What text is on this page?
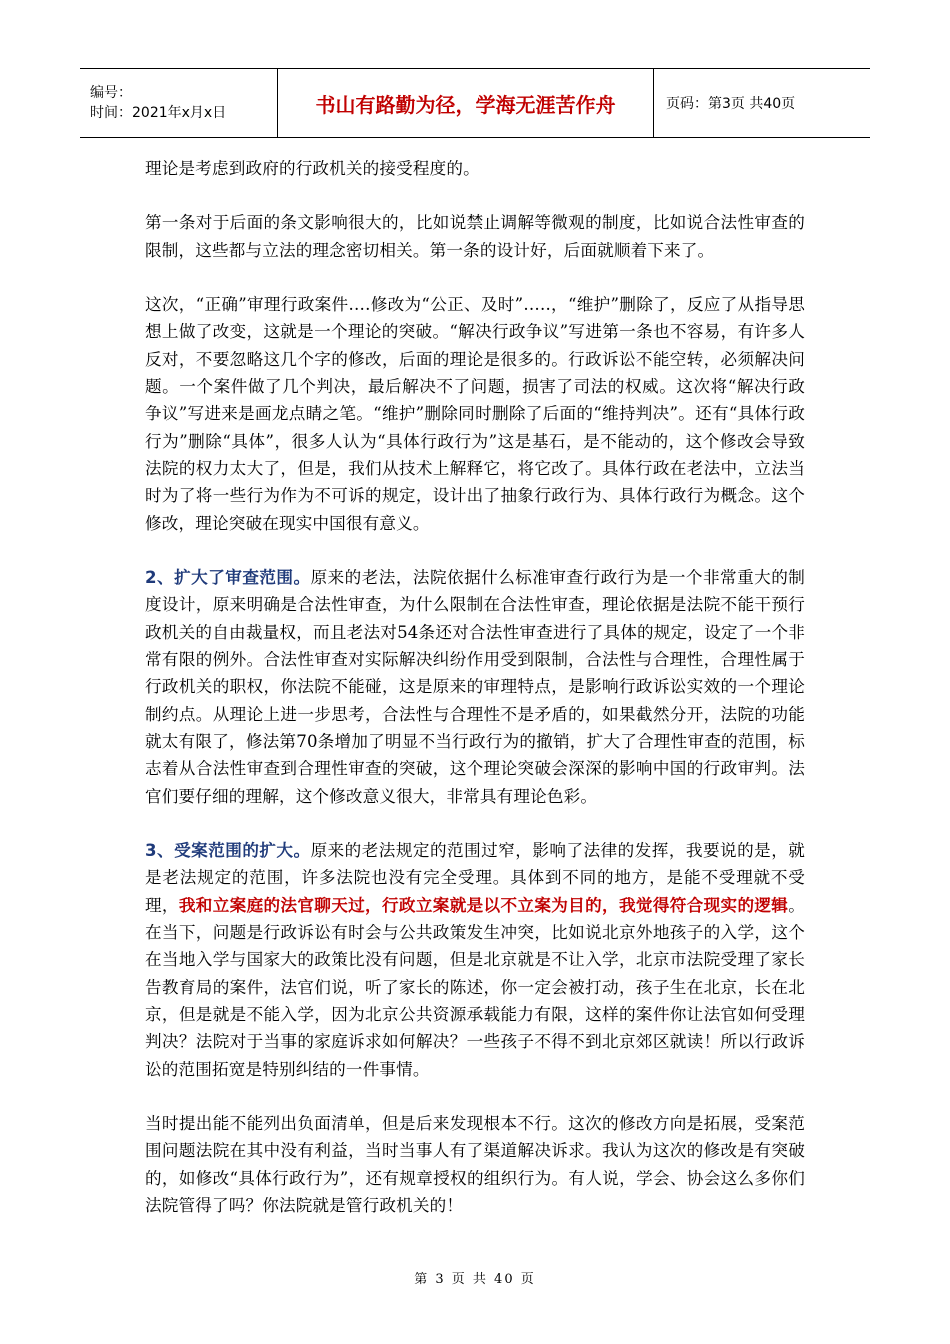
编号：
时间：2021年x月x日	书山有路勤为径，学海无涯苦作舟	页码：第3页 共40页

理论是考虑到政府的行政机关的接受程度的。

第一条对于后面的条文影响很大的，比如说禁止调解等微观的制度，比如说合法性审查的限制，这些都与立法的理念密切相关。第一条的设计好，后面就顺着下来了。

这次，“正确”审理行政案件….修改为“公正、及时”…..，“维护”删除了，反应了从指导思想上做了改变，这就是一个理论的突破。“解决行政争议”写进第一条也不容易，有许多人反对，不要忽略这几个字的修改，后面的理论是很多的。行政诉讼不能空转，必须解决问题。一个案件做了几个判决，最后解决不了问题，损害了司法的权威。这次将“解决行政争议”写进来是画龙点睛之笔。“维护”删除同时删除了后面的“维持判决”。还有“具体行政行为”删除“具体”，很多人认为“具体行政行为”这是基石，是不能动的，这个修改会导致法院的权力太大了，但是，我们从技术上解释它，将它改了。具体行政在老法中，立法当时为了将一些行为作为不可诉的规定，设计出了抽象行政行为、具体行政行为概念。这个修改，理论突破在现实中国很有意义。

2、扩大了审查范围。原来的老法，法院依据什么标准审查行政行为是一个非常重大的制度设计，原来明确是合法性审查，为什么限制在合法性审查，理论依据是法院不能干预行政机关的自由裁量权，而且老法对54条还对合法性审查进行了具体的规定，设定了一个非常有限的例外。合法性审查对实际解决纠纷作用受到限制，合法性与合理性，合理性属于行政机关的职权，你法院不能碰，这是原来的审理特点，是影响行政诉讼实效的一个理论制约点。从理论上进一步思考，合法性与合理性不是矛盾的，如果截然分开，法院的功能就太有限了，修法第70条增加了明显不当行政行为的撤销，扩大了合理性审查的范围，标志着从合法性审查到合理性审查的突破，这个理论突破会深深的影响中国的行政审判。法官们要仔细的理解，这个修改意义很大，非常具有理论色彩。

3、受案范围的扩大。原来的老法规定的范围过窄，影响了法律的发挥，我要说的是，就是老法规定的范围，许多法院也没有完全受理。具体到不同的地方，是能不受理就不受理，我和立案庭的法官聊天过，行政立案就是以不立案为目的，我觉得符合现实的逻辑。在当下，问题是行政诉讼有时会与公共政策发生冲突，比如说北京外地孩子的入学，这个在当地入学与国家大的政策比没有问题，但是北京就是不让入学，北京市法院受理了家长告教育局的案件，法官们说，听了家长的陈述，你一定会被打动，孩子生在北京，长在北京，但是就是不能入学，因为北京公共资源承载能力有限，这样的案件你让法官如何受理判决？法院对于当事的家庭诉求如何解决？一些孩子不得不到北京郊区就读！所以行政诉讼的范围拓宽是特别纠结的一件事情。

当时提出能不能列出负面清单，但是后来发现根本不行。这次的修改方向是拓展，受案范围问题法院在其中没有利益，当时当事人有了渠道解决诉求。我认为这次的修改是有突破的，如修改“具体行政行为”，还有规章授权的组织行为。有人说，学会、协会这么多你们法院管得了吗？你法院就是管行政机关的！

第 3 页 共 40 页
